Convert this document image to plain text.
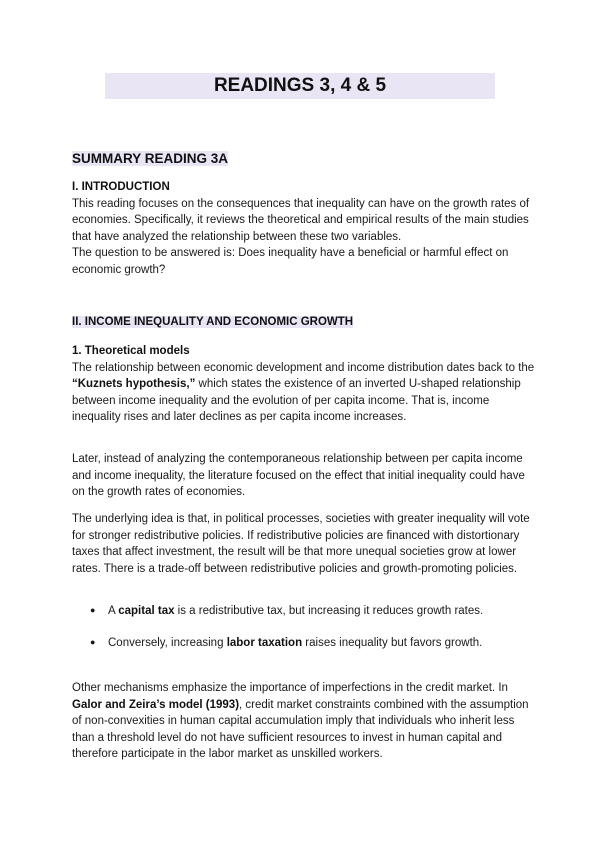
READINGS 3, 4 & 5
SUMMARY READING 3A

I. INTRODUCTION

This reading focuses on the consequences that inequality can have on the growth rates of economies. Specifically, it reviews the theoretical and empirical results of the main studies that have analyzed the relationship between these two variables.

The question to be answered is: Does inequality have a beneficial or harmful effect on economic growth?

II. INCOME INEQUALITY AND ECONOMIC GROWTH

1. Theoretical models

The relationship between economic development and income distribution dates back to the “Kuznets hypothesis,” which states the existence of an inverted U-shaped relationship between income inequality and the evolution of per capita income. That is, income inequality rises and later declines as per capita income increases.

Later, instead of analyzing the contemporaneous relationship between per capita income and income inequality, the literature focused on the effect that initial inequality could have on the growth rates of economies.
The underlying idea is that, in political processes, societies with greater inequality will vote for stronger redistributive policies. If redistributive policies are financed with distortionary taxes that affect investment, the result will be that more unequal societies grow at lower rates. There is a trade-off between redistributive policies and growth-promoting policies.
● A capital tax is a redistributive tax, but increasing it reduces growth rates.
● Conversely, increasing labor taxation raises inequality but favors growth.
Other mechanisms emphasize the importance of imperfections in the credit market. In Galor and Zeira’s model (1993), credit market constraints combined with the assumption of non-convexities in human capital accumulation imply that individuals who inherit less than a threshold level do not have sufficient resources to invest in human capital and therefore participate in the labor market as unskilled workers.
